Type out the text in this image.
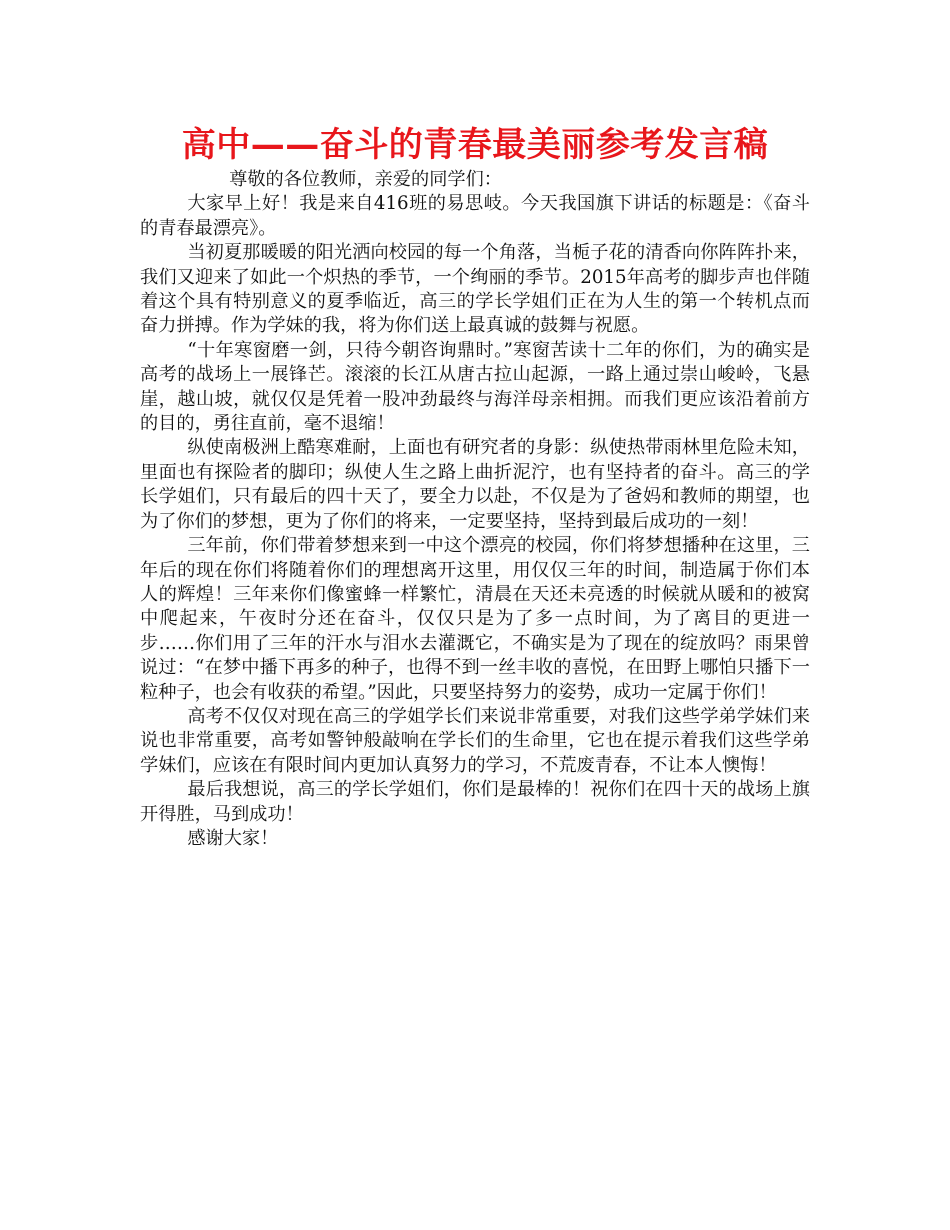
高中——奋斗的青春最美丽参考发言稿

尊敬的各位教师，亲爱的同学们：

大家早上好！我是来自416班的易思岐。今天我国旗下讲话的标题是：《奋斗的青春最漂亮》。

当初夏那暖暖的阳光洒向校园的每一个角落，当栀子花的清香向你阵阵扑来，我们又迎来了如此一个炽热的季节，一个绚丽的季节。2015年高考的脚步声也伴随着这个具有特别意义的夏季临近，高三的学长学姐们正在为人生的第一个转机点而奋力拼搏。作为学妹的我，将为你们送上最真诚的鼓舞与祝愿。

“十年寒窗磨一剑，只待今朝咨询鼎时。”寒窗苦读十二年的你们，为的确实是高考的战场上一展锋芒。滚滚的长江从唐古拉山起源，一路上通过崇山峻岭，飞悬崖，越山坡，就仅仅是凭着一股冲劲最终与海洋母亲相拥。而我们更应该沿着前方的目的，勇往直前，毫不退缩！

纵使南极洲上酷寒难耐，上面也有研究者的身影：纵使热带雨林里危险未知，里面也有探险者的脚印；纵使人生之路上曲折泥泞，也有坚持者的奋斗。高三的学长学姐们，只有最后的四十天了，要全力以赴，不仅是为了爸妈和教师的期望，也为了你们的梦想，更为了你们的将来，一定要坚持，坚持到最后成功的一刻！

三年前，你们带着梦想来到一中这个漂亮的校园，你们将梦想播种在这里，三年后的现在你们将随着你们的理想离开这里，用仅仅三年的时间，制造属于你们本人的辉煌！三年来你们像蜜蜂一样繁忙，清晨在天还未亮透的时候就从暖和的被窝中爬起来，午夜时分还在奋斗，仅仅只是为了多一点时间，为了离目的更进一步……你们用了三年的汗水与泪水去灌溉它，不确实是为了现在的绽放吗？雨果曾说过：“在梦中播下再多的种子，也得不到一丝丰收的喜悦，在田野上哪怕只播下一粒种子，也会有收获的希望。”因此，只要坚持努力的姿势，成功一定属于你们！

高考不仅仅对现在高三的学姐学长们来说非常重要，对我们这些学弟学妹们来说也非常重要，高考如警钟般敲响在学长们的生命里，它也在提示着我们这些学弟学妹们，应该在有限时间内更加认真努力的学习，不荒废青春，不让本人懊悔！

最后我想说，高三的学长学姐们，你们是最棒的！祝你们在四十天的战场上旗开得胜，马到成功！

感谢大家！
